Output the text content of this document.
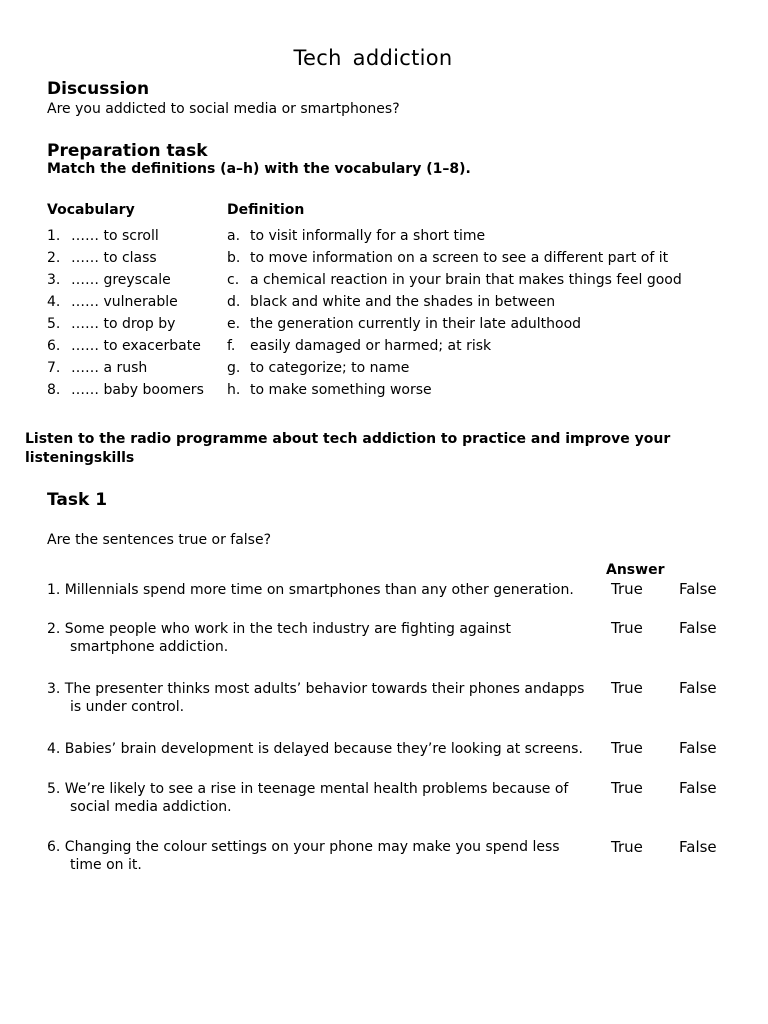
Tech addiction
Discussion
Are you addicted to social media or smartphones?
Preparation task
Match the definitions (a–h) with the vocabulary (1–8).
Vocabulary	Definition
1. …… to scroll
2. …… to class
3. …… greyscale
4. …… vulnerable
5. …… to drop by
6. …… to exacerbate
7. …… a rush
8. …… baby boomers
a. to visit informally for a short time
b. to move information on a screen to see a different part of it
c. a chemical reaction in your brain that makes things feel good
d. black and white and the shades in between
e. the generation currently in their late adulthood
f. easily damaged or harmed; at risk
g. to categorize; to name
h. to make something worse
Listen to the radio programme about tech addiction to practice and improve your
listeningskills
Task 1
Are the sentences true or false?
Answer
1. Millennials spend more time on smartphones than any other generation. True False
2. Some people who work in the tech industry are fighting against
smartphone addiction.
True False
3. The presenter thinks most adults’ behavior towards their phones andapps
is under control.
True False
4. Babies’ brain development is delayed because they’re looking at screens. True False
5. We’re likely to see a rise in teenage mental health problems because of
social media addiction.
True False
6. Changing the colour settings on your phone may make you spend less
time on it.
True False
